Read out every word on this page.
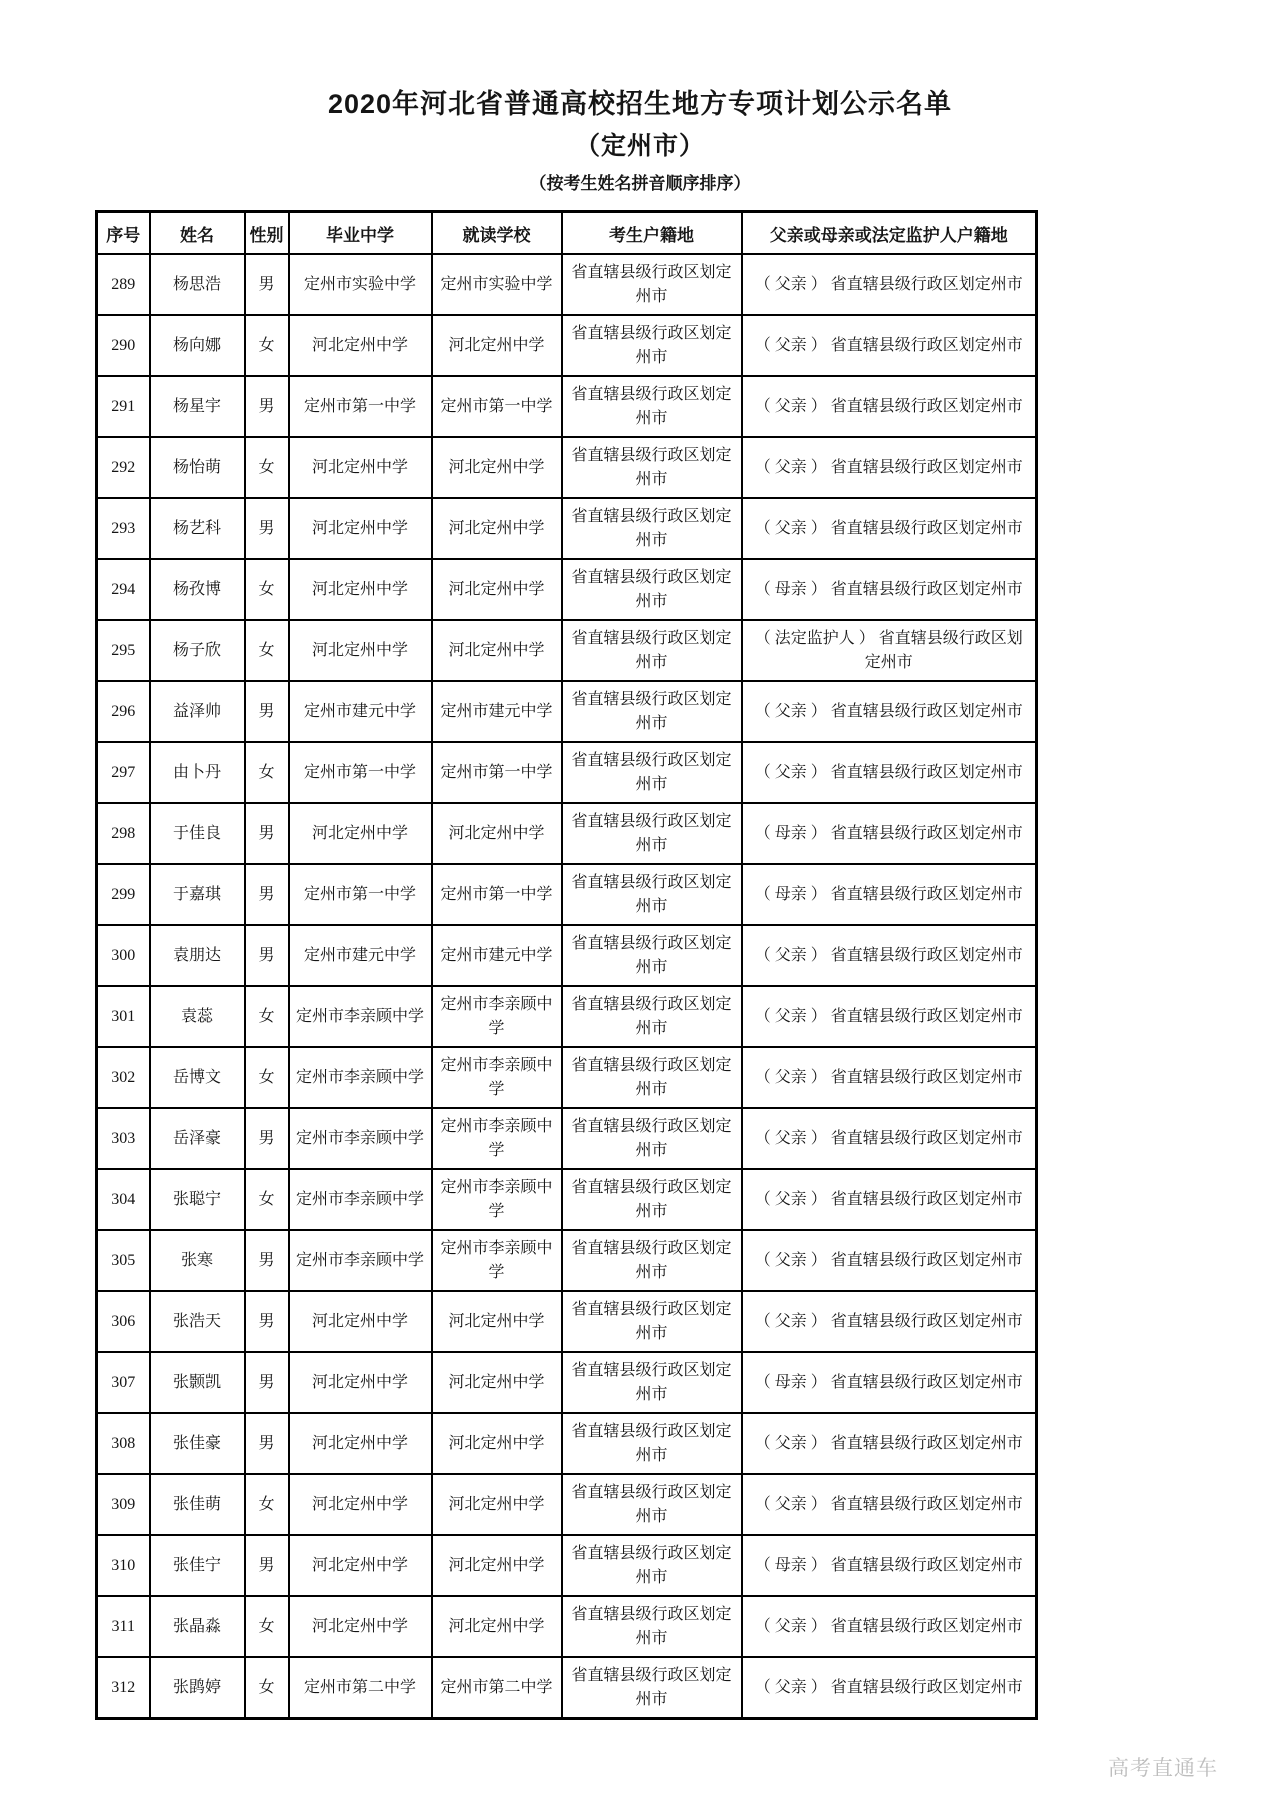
2020年河北省普通高校招生地方专项计划公示名单
（定州市）
（按考生姓名拼音顺序排序）
序号	姓名	性别	毕业中学	就读学校	考生户籍地	父亲或母亲或法定监护人户籍地
289	杨思浩	男	定州市实验中学	定州市实验中学	省直辖县级行政区划定州市	（ 父亲 ） 省直辖县级行政区划定州市
290	杨向娜	女	河北定州中学	河北定州中学	省直辖县级行政区划定州市	（ 父亲 ） 省直辖县级行政区划定州市
291	杨星宇	男	定州市第一中学	定州市第一中学	省直辖县级行政区划定州市	（ 父亲 ） 省直辖县级行政区划定州市
292	杨怡萌	女	河北定州中学	河北定州中学	省直辖县级行政区划定州市	（ 父亲 ） 省直辖县级行政区划定州市
293	杨艺科	男	河北定州中学	河北定州中学	省直辖县级行政区划定州市	（ 父亲 ） 省直辖县级行政区划定州市
294	杨孜博	女	河北定州中学	河北定州中学	省直辖县级行政区划定州市	（ 母亲 ） 省直辖县级行政区划定州市
295	杨子欣	女	河北定州中学	河北定州中学	省直辖县级行政区划定州市	（ 法定监护人 ） 省直辖县级行政区划定州市
296	益泽帅	男	定州市建元中学	定州市建元中学	省直辖县级行政区划定州市	（ 父亲 ） 省直辖县级行政区划定州市
297	由卜丹	女	定州市第一中学	定州市第一中学	省直辖县级行政区划定州市	（ 父亲 ） 省直辖县级行政区划定州市
298	于佳良	男	河北定州中学	河北定州中学	省直辖县级行政区划定州市	（ 母亲 ） 省直辖县级行政区划定州市
299	于嘉琪	男	定州市第一中学	定州市第一中学	省直辖县级行政区划定州市	（ 母亲 ） 省直辖县级行政区划定州市
300	袁朋达	男	定州市建元中学	定州市建元中学	省直辖县级行政区划定州市	（ 父亲 ） 省直辖县级行政区划定州市
301	袁蕊	女	定州市李亲顾中学	定州市李亲顾中学	省直辖县级行政区划定州市	（ 父亲 ） 省直辖县级行政区划定州市
302	岳博文	女	定州市李亲顾中学	定州市李亲顾中学	省直辖县级行政区划定州市	（ 父亲 ） 省直辖县级行政区划定州市
303	岳泽豪	男	定州市李亲顾中学	定州市李亲顾中学	省直辖县级行政区划定州市	（ 父亲 ） 省直辖县级行政区划定州市
304	张聪宁	女	定州市李亲顾中学	定州市李亲顾中学	省直辖县级行政区划定州市	（ 父亲 ） 省直辖县级行政区划定州市
305	张寒	男	定州市李亲顾中学	定州市李亲顾中学	省直辖县级行政区划定州市	（ 父亲 ） 省直辖县级行政区划定州市
306	张浩天	男	河北定州中学	河北定州中学	省直辖县级行政区划定州市	（ 父亲 ） 省直辖县级行政区划定州市
307	张颢凯	男	河北定州中学	河北定州中学	省直辖县级行政区划定州市	（ 母亲 ） 省直辖县级行政区划定州市
308	张佳豪	男	河北定州中学	河北定州中学	省直辖县级行政区划定州市	（ 父亲 ） 省直辖县级行政区划定州市
309	张佳萌	女	河北定州中学	河北定州中学	省直辖县级行政区划定州市	（ 父亲 ） 省直辖县级行政区划定州市
310	张佳宁	男	河北定州中学	河北定州中学	省直辖县级行政区划定州市	（ 母亲 ） 省直辖县级行政区划定州市
311	张晶淼	女	河北定州中学	河北定州中学	省直辖县级行政区划定州市	（ 父亲 ） 省直辖县级行政区划定州市
312	张鹍婷	女	定州市第二中学	定州市第二中学	省直辖县级行政区划定州市	（ 父亲 ） 省直辖县级行政区划定州市
高考直通车
